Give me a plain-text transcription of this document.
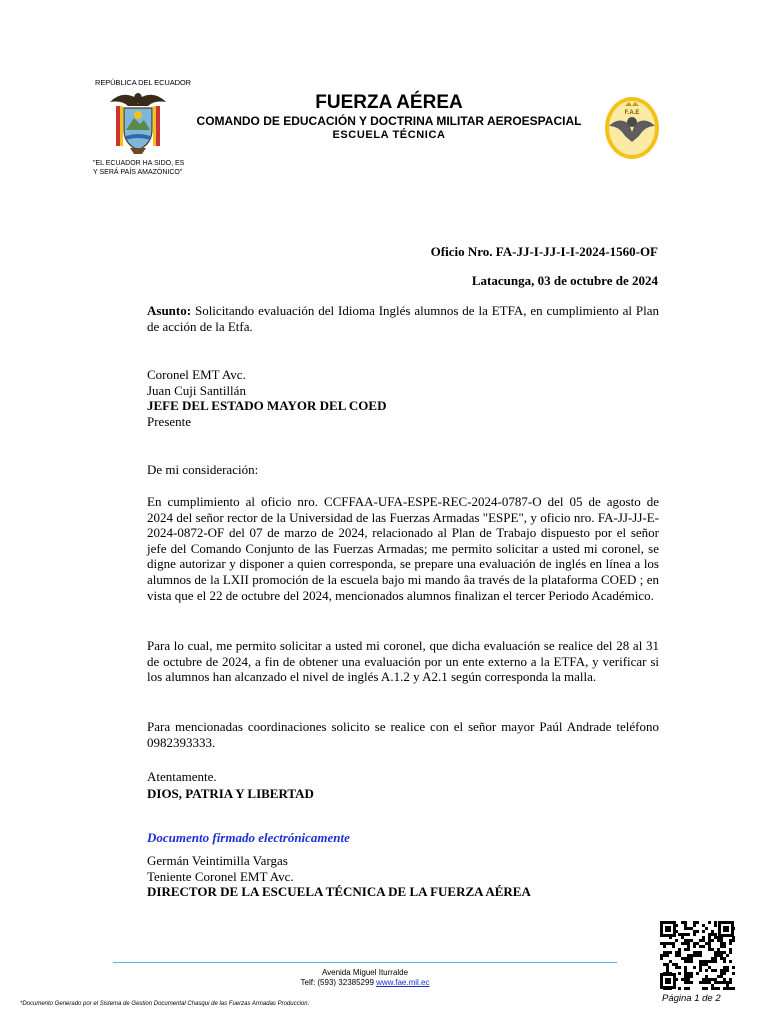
REPÚBLICA DEL ECUADOR
"EL ECUADOR HA SIDO, ES
Y SERÁ PAÍS AMAZÓNICO"
FUERZA AÉREA
COMANDO DE EDUCACIÓN Y DOCTRINA MILITAR AEROESPACIAL
ESCUELA TÉCNICA
F.A.E
Oficio Nro. FA-JJ-I-JJ-I-I-2024-1560-OF
Latacunga, 03 de octubre de 2024
Asunto: Solicitando evaluación del Idioma Inglés alumnos de la ETFA, en cumplimiento al Plan de acción de la Etfa.
Coronel EMT Avc.
Juan Cuji Santillán
JEFE DEL ESTADO MAYOR DEL COED
Presente
De mi consideración:
En cumplimiento al oficio nro. CCFFAA-UFA-ESPE-REC-2024-0787-O del 05 de agosto de 2024 del señor rector de la Universidad de las Fuerzas Armadas "ESPE", y oficio nro. FA-JJ-JJ-E-2024-0872-OF del 07 de marzo de 2024, relacionado al Plan de Trabajo dispuesto por el señor jefe del Comando Conjunto de las Fuerzas Armadas; me permito solicitar a usted mi coronel, se digne autorizar y disponer a quien corresponda, se prepare una evaluación de inglés en línea a los alumnos de la LXII promoción de la escuela bajo mi mando âa través de la plataforma COED ; en vista que el 22 de octubre del 2024, mencionados alumnos finalizan el tercer Periodo Académico.
Para lo cual, me permito solicitar a usted mi coronel, que dicha evaluación se realice del 28 al 31 de octubre de 2024, a fin de obtener una evaluación por un ente externo a la ETFA, y verificar si los alumnos han alcanzado el nivel de inglés A.1.2 y A2.1 según corresponda la malla.
Para mencionadas coordinaciones solicito se realice con el señor mayor Paúl Andrade teléfono 0982393333.
Atentamente.
DIOS, PATRIA Y LIBERTAD
Documento firmado electrónicamente
Germán Veintimilla Vargas
Teniente Coronel EMT Avc.
DIRECTOR DE LA ESCUELA TÉCNICA DE LA FUERZA AÉREA
Avenida Miguel Iturralde
Telf: (593) 32385299 www.fae.mil.ec
Página 1 de 2
*Documento Generado por el Sistema de Gestion Documental Chasqui de las Fuerzas Armadas Produccion.
